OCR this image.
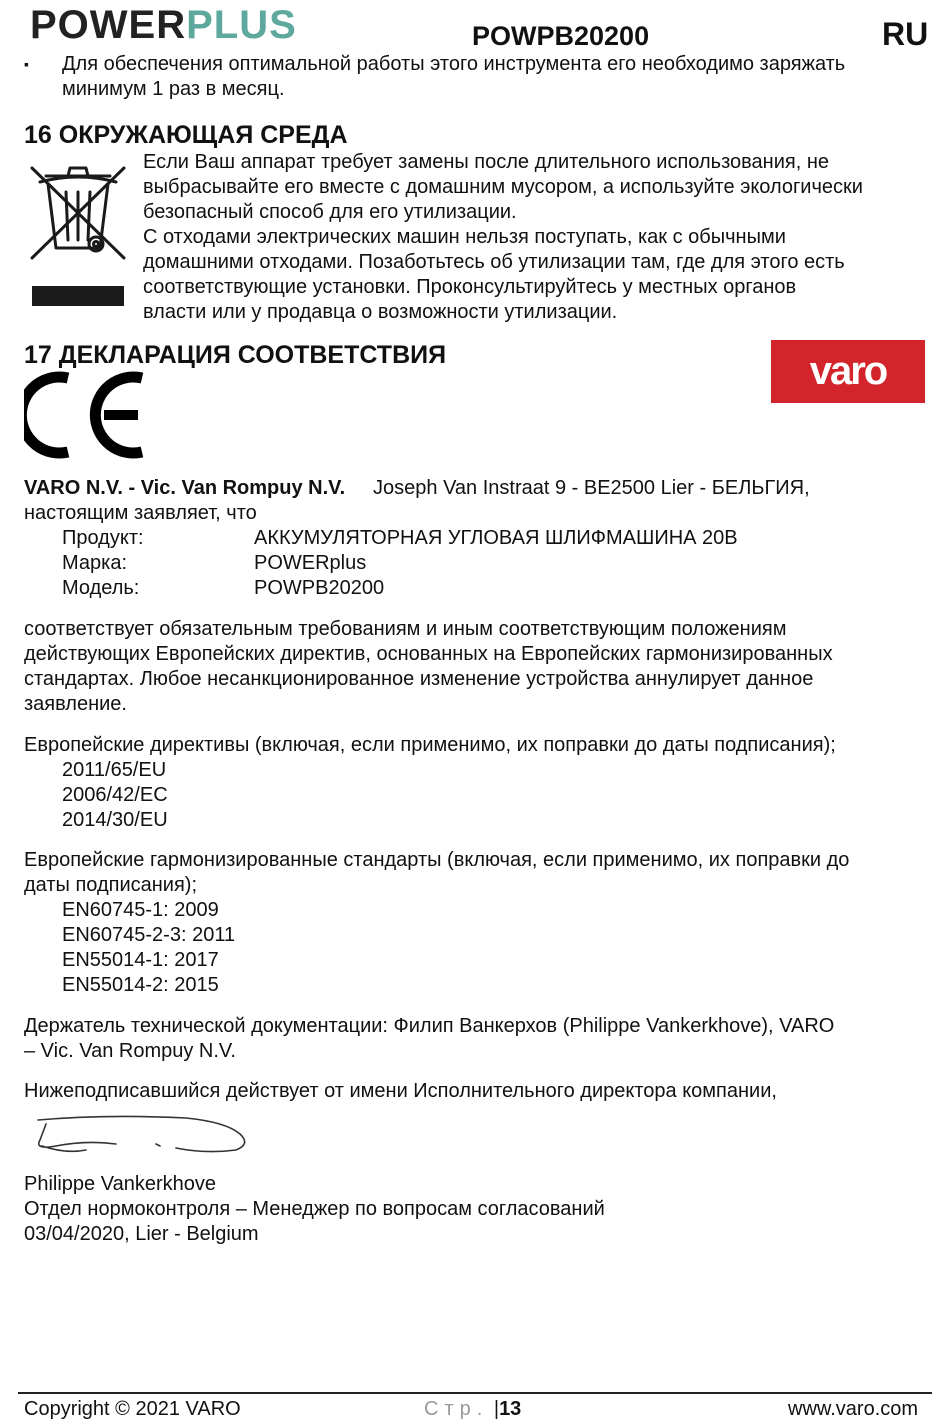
POWERPLUS	POWPB20200	RU
▪ Для обеспечения оптимальной работы этого инструмента его необходимо заряжать
минимум 1 раз в месяц.
16 ОКРУЖАЮЩАЯ СРЕДА
Если Ваш аппарат требует замены после длительного использования, не
выбрасывайте его вместе с домашним мусором, а используйте экологически
безопасный способ для его утилизации.
С отходами электрических машин нельзя поступать, как с обычными
домашними отходами. Позаботьтесь об утилизации там, где для этого есть
соответствующие установки. Проконсультируйтесь у местных органов
власти или у продавца о возможности утилизации.
17 ДЕКЛАРАЦИЯ СООТВЕТСТВИЯ	varo
VARO N.V. - Vic. Van Rompuy N.V. Joseph Van Instraat 9 - BE2500 Lier - БЕЛЬГИЯ,
настоящим заявляет, что
Продукт:	АККУМУЛЯТОРНАЯ УГЛОВАЯ ШЛИФМАШИНА 20В
Марка:	POWERplus
Модель:	POWPB20200
соответствует обязательным требованиям и иным соответствующим положениям
действующих Европейских директив, основанных на Европейских гармонизированных
стандартах. Любое несанкционированное изменение устройства аннулирует данное
заявление.
Европейские директивы (включая, если применимо, их поправки до даты подписания);
2011/65/EU
2006/42/EC
2014/30/EU
Европейские гармонизированные стандарты (включая, если применимо, их поправки до
даты подписания);
EN60745-1: 2009
EN60745-2-3: 2011
EN55014-1: 2017
EN55014-2: 2015
Держатель технической документации: Филип Ванкерхов (Philippe Vankerkhove), VARO
– Vic. Van Rompuy N.V.
Нижеподписавшийся действует от имени Исполнительного директора компании,
Philippe Vankerkhove
Отдел нормоконтроля – Менеджер по вопросам согласований
03/04/2020, Lier - Belgium
Copyright © 2021 VARO	Стр. |13	www.varo.com
